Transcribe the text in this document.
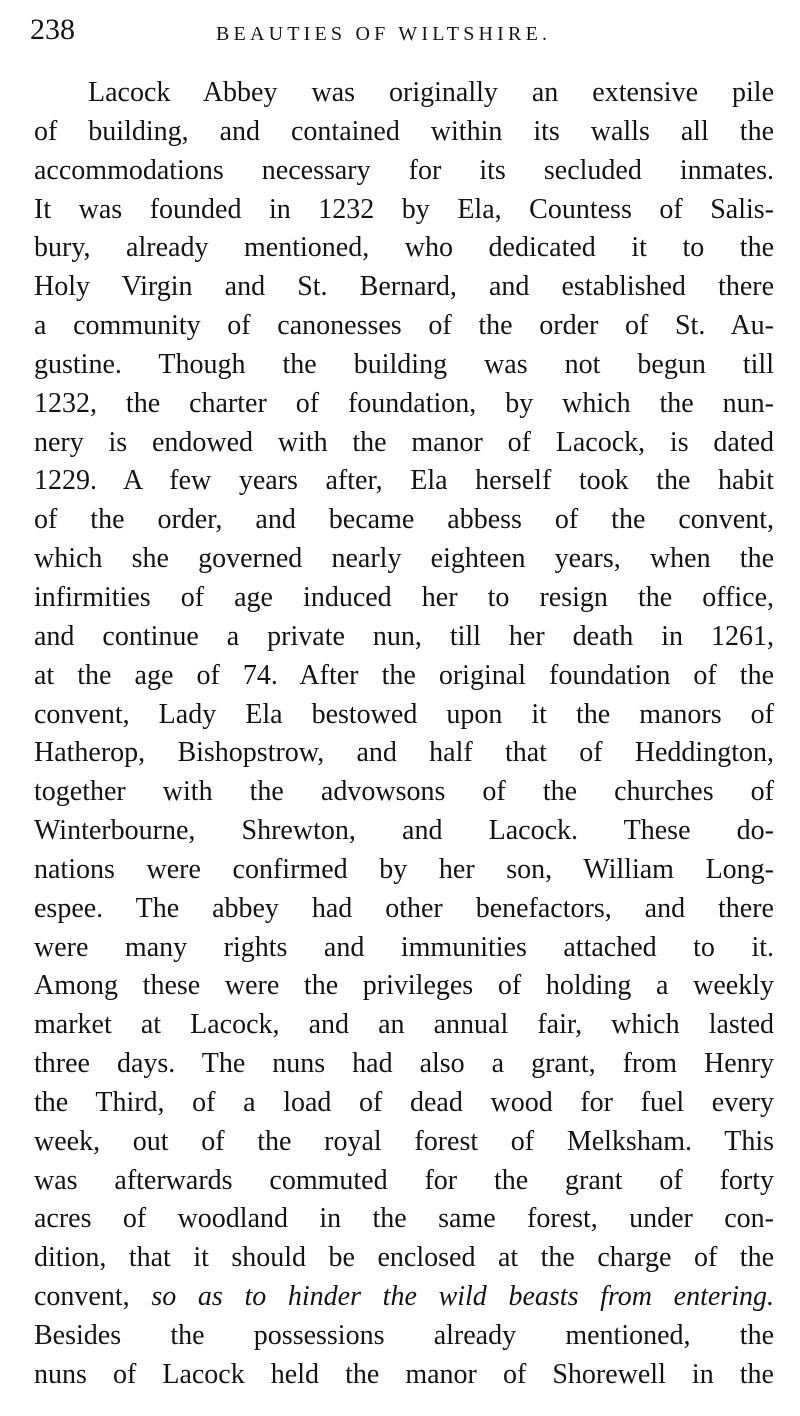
238	BEAUTIES OF WILTSHIRE.
Lacock Abbey was originally an extensive pile
of building, and contained within its walls all the
accommodations necessary for its secluded inmates.
It was founded in 1232 by Ela, Countess of Salis-
bury, already mentioned, who dedicated it to the
Holy Virgin and St. Bernard, and established there
a community of canonesses of the order of St. Au-
gustine. Though the building was not begun till
1232, the charter of foundation, by which the nun-
nery is endowed with the manor of Lacock, is dated
1229. A few years after, Ela herself took the habit
of the order, and became abbess of the convent,
which she governed nearly eighteen years, when the
infirmities of age induced her to resign the office,
and continue a private nun, till her death in 1261,
at the age of 74. After the original foundation of the
convent, Lady Ela bestowed upon it the manors of
Hatherop, Bishopstrow, and half that of Heddington,
together with the advowsons of the churches of
Winterbourne, Shrewton, and Lacock. These do-
nations were confirmed by her son, William Long-
espee. The abbey had other benefactors, and there
were many rights and immunities attached to it.
Among these were the privileges of holding a weekly
market at Lacock, and an annual fair, which lasted
three days. The nuns had also a grant, from Henry
the Third, of a load of dead wood for fuel every
week, out of the royal forest of Melksham. This
was afterwards commuted for the grant of forty
acres of woodland in the same forest, under con-
dition, that it should be enclosed at the charge of the
convent, so as to hinder the wild beasts from entering.
Besides the possessions already mentioned, the
nuns of Lacock held the manor of Shorewell in the
